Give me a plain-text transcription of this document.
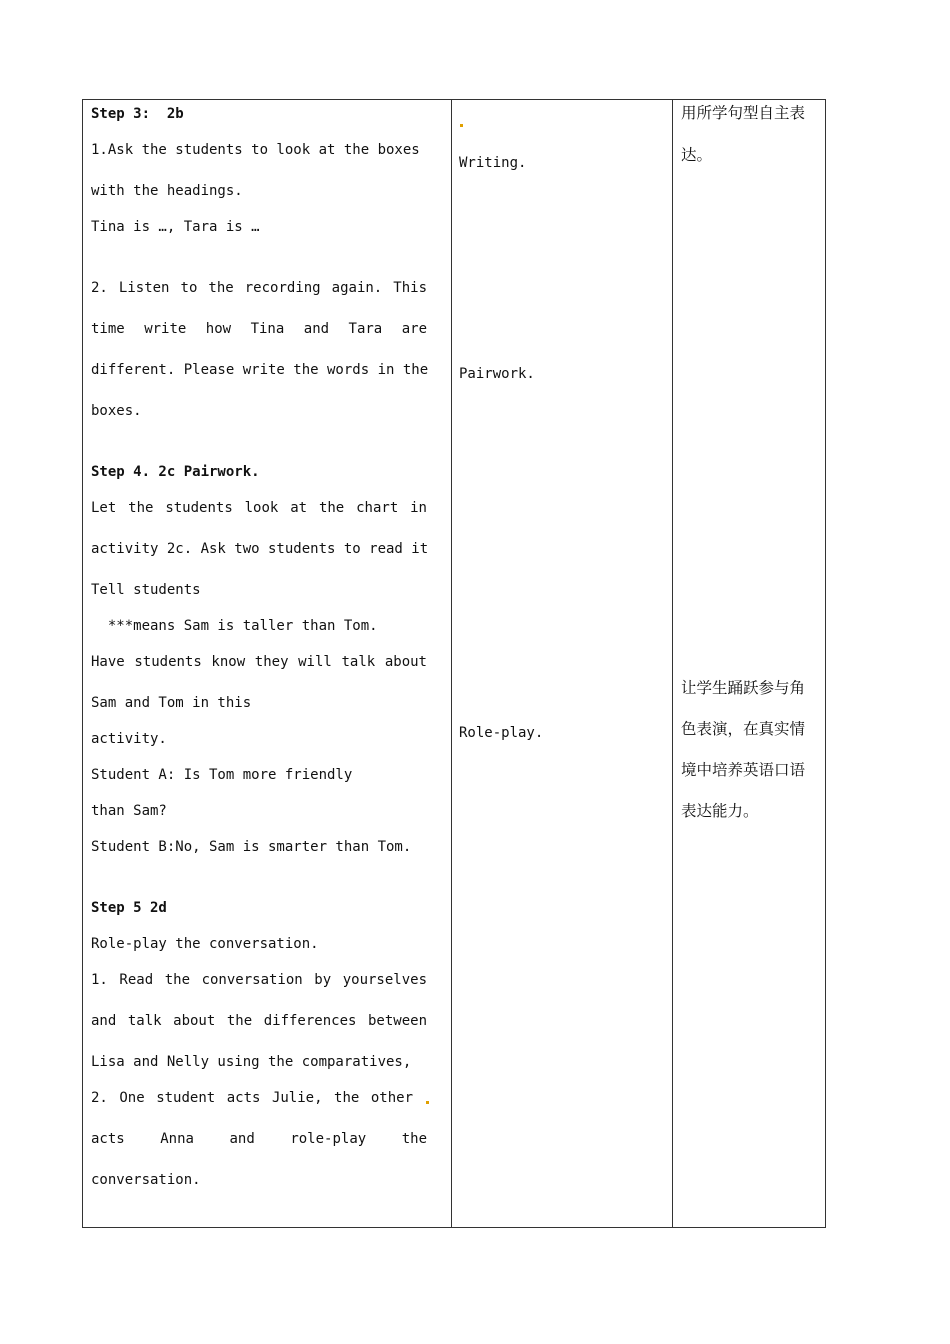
Step 3:  2b
1.Ask the students to look at the boxes
with the headings.
Tina is …, Tara is …
2. Listen to the recording again. This
time write how Tina and Tara are
different. Please write the words in the
boxes.
Step 4. 2c Pairwork.
Let the students look at the chart in
activity 2c. Ask two students to read it
Tell students
***means Sam is taller than Tom.
Have students know they will talk about
Sam and Tom in this
activity.
Student A: Is Tom more friendly
than Sam?
Student B:No, Sam is smarter than Tom.
Step 5 2d
Role-play the conversation.
1. Read the conversation by yourselves
and talk about the differences between
Lisa and Nelly using the comparatives,
2. One student acts Julie, the other
acts Anna and role-play the
conversation.
Writing.
Pairwork.
Role-play.
用所学句型自主表
达。
让学生踊跃参与角
色表演，在真实情
境中培养英语口语
表达能力。
